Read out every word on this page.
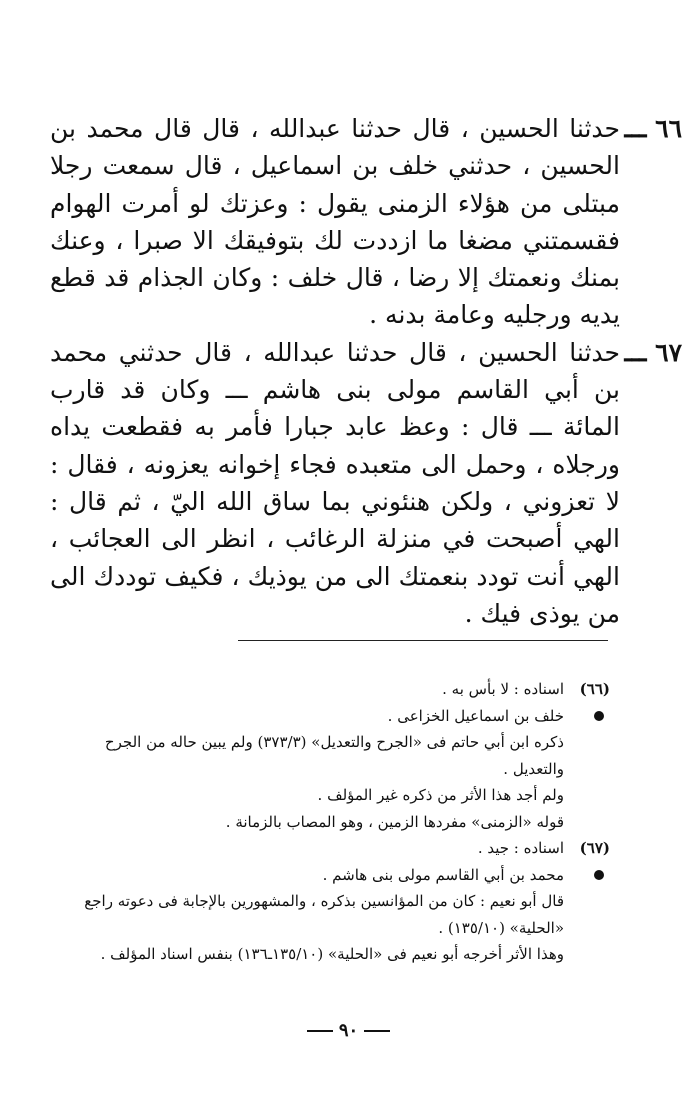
٦٦ ـــ
حدثنا الحسين ، قال حدثنا عبدالله ، قال قال محمد بن الحسين ، حدثني خلف بن اسماعيل ، قال سمعت رجلا مبتلى من هؤلاء الزمنى يقول : وعزتك لو أمرت الهوام فقسمتني مضغا ما ازددت لك بتوفيقك الا صبرا ، وعنك بمنك ونعمتك إلا رضا ، قال خلف : وكان الجذام قد قطع يديه ورجليه وعامة بدنه .
٦٧ ـــ
حدثنا الحسين ، قال حدثنا عبدالله ، قال حدثني محمد بن أبي القاسم مولى بنى هاشم ـــ وكان قد قارب المائة ـــ قال : وعظ عابد جبارا فأمر به فقطعت يداه ورجلاه ، وحمل الى متعبده فجاء إخوانه يعزونه ، فقال : لا تعزوني ، ولكن هنئوني بما ساق الله اليّ ، ثم قال : الهي أصبحت في منزلة الرغائب ، انظر الى العجائب ، الهي أنت تودد بنعمتك الى من يوذيك ، فكيف توددك الى من يوذى فيك .
(٦٦)
اسناده : لا بأس به .
خلف بن اسماعيل الخزاعى .
ذكره ابن أبي حاتم فى «الجرح والتعديل» (٣٧٣/٣) ولم يبين حاله من الجرح والتعديل .
ولم أجد هذا الأثر من ذكره غير المؤلف .
قوله «الزمنى» مفردها الزمين ، وهو المصاب بالزمانة .
(٦٧)
اسناده : جيد .
محمد بن أبي القاسم مولى بنى هاشم .
قال أبو نعيم : كان من المؤانسين بذكره ، والمشهورين بالإجابة فى دعوته راجع «الحلية» (١٣٥/١٠) .
وهذا الأثر أخرجه أبو نعيم فى «الحلية» (١٣٥/١٠ـ١٣٦) بنفس اسناد المؤلف .
٩٠
